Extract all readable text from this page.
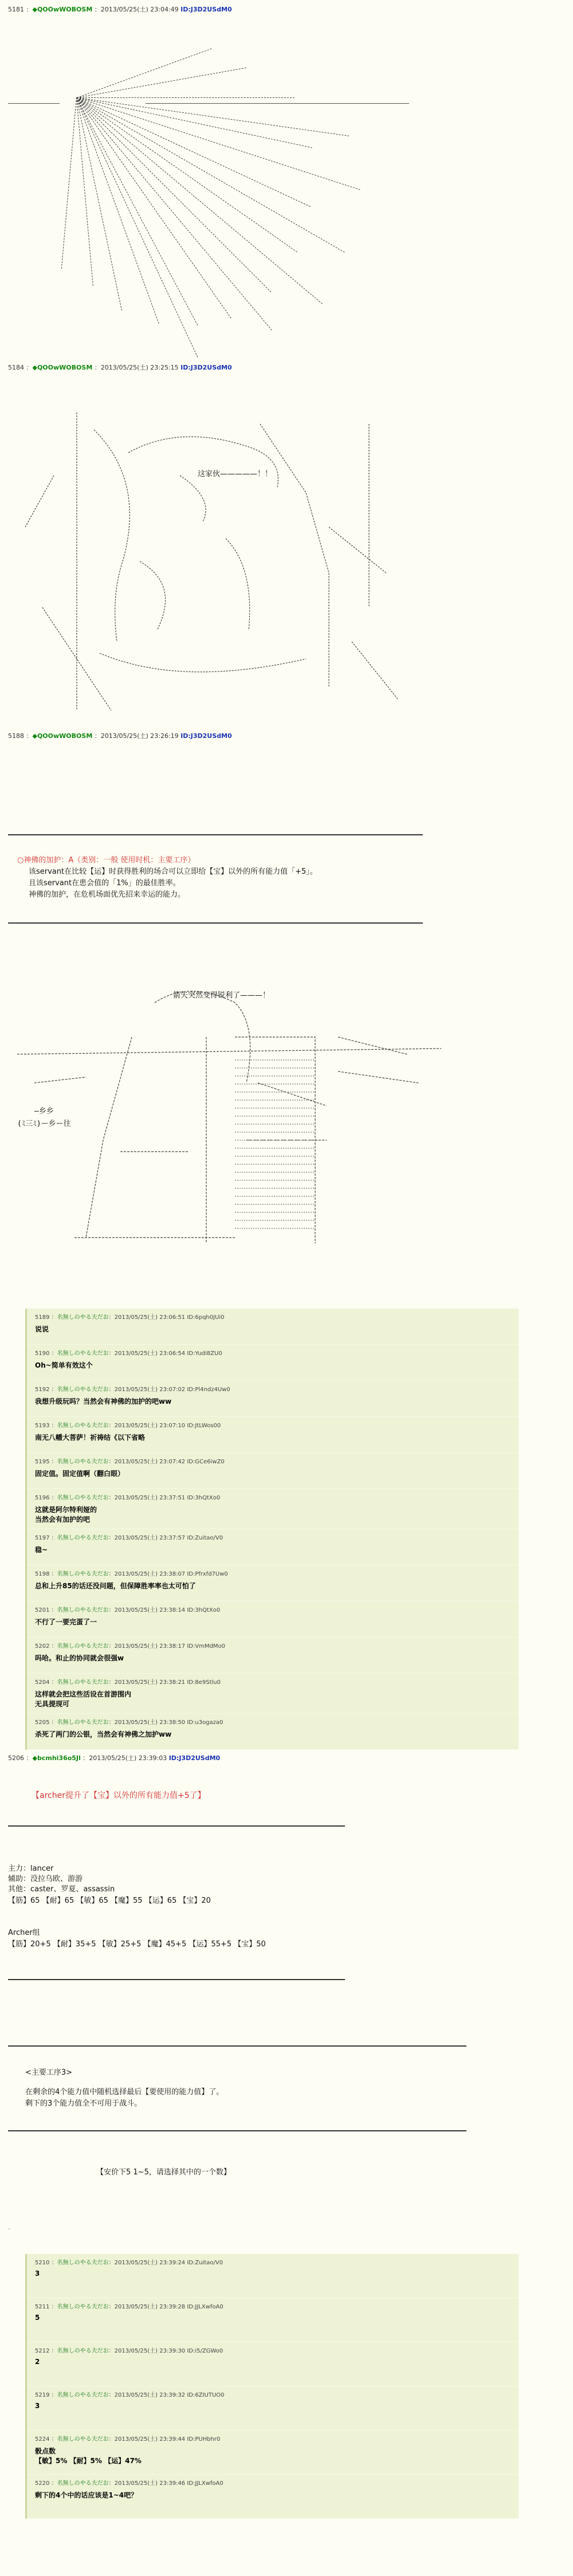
5181 ：◆QOOwWOBOSM ：2013/05/25(土) 23:04:49 ID:J3D2USdM0
5184 ：◆QOOwWOBOSM ：2013/05/25(土) 23:25:15 ID:J3D2USdM0
这家伙—————！！
5188 ：◆QOOwWOBOSM ：2013/05/25(土) 23:26:19 ID:J3D2USdM0
○神佛的加护：A（类别：一般 使用时机：主要工序）
该servant在比较【运】时获得胜利的场合可以立即给【宝】以外的所有能力值「+5」。
且该servant在患会值的「1%」的最佳胜率。
神佛的加护，在危机场面优先招来幸运的能力。
箭矢突然变得锐利了———！
―乡乡
(ﾐ三ﾐ)ー乡ー往
5189 ：名無しのやる夫だお：2013/05/25(土) 23:06:51 ID:6pqh0JUi0
说说
5190 ：名無しのやる夫だお：2013/05/25(土) 23:06:54 ID:Yudi8ZU0
Oh~简单有效这个
5192 ：名無しのやる夫だお：2013/05/25(土) 23:07:02 ID:Pl4ndz4Uw0
我想升级玩吗？当然会有神佛的加护的吧ww
5193 ：名無しのやる夫だお：2013/05/25(土) 23:07:10 ID:JtLWos00
南无八幡大菩萨！祈祷结《以下省略
5195 ：名無しのやる夫だお：2013/05/25(土) 23:07:42 ID:GCe6iwZ0
固定值。固定值啊（翻白眼）
5196 ：名無しのやる夫だお：2013/05/25(土) 23:37:51 ID:3hQtXo0
这就是阿尔特利娅的
当然会有加护的吧
5197 ：名無しのやる夫だお：2013/05/25(土) 23:37:57 ID:Zuitao/V0
稳~
5198 ：名無しのやる夫だお：2013/05/25(土) 23:38:07 ID:Pfrxfd7Uw0
总和上升85的话还没问题，但保障胜率率也太可怕了
5201 ：名無しのやる夫だお：2013/05/25(土) 23:38:14 ID:3hQtXo0
不行了一要完蛋了一
5202 ：名無しのやる夫だお：2013/05/25(土) 23:38:17 ID:VmMdMo0
吗哈。和止的协同就会很强w
5204 ：名無しのやる夫だお：2013/05/25(土) 23:38:21 ID:8e9Stlu0
这样就会把这些活设在首游围内
无具提现可
5205 ：名無しのやる夫だお：2013/05/25(土) 23:38:50 ID:u3ogaza0
杀死了两门的公银，当然会有神佛之加护ww
5206 ：◆bcmhi36o5Jl ：2013/05/25(土) 23:39:03 ID:J3D2USdM0
【archer提升了【宝】以外的所有能力值+5了】
主力：lancer
辅助：没拉乌欧、游游
其他：caster、罗夏、assassin
【筋】65 【耐】65 【敏】65 【魔】55 【运】65 【宝】20
Archer组
【筋】20+5 【耐】35+5 【敏】25+5 【魔】45+5 【运】55+5 【宝】50
<主要工序3>
在剩余的4个能力值中随机选择最后【要使用的能力值】了。
剩下的3个能力值全不可用于战斗。
【安价下5 1~5，请选择其中的一个数】
.
5210 ：名無しのやる夫だお：2013/05/25(土) 23:39:24 ID:Zuitao/V0
3
5211 ：名無しのやる夫だお：2013/05/25(土) 23:39:28 ID:JJLXwfoA0
5
5212 ：名無しのやる夫だお：2013/05/25(土) 23:39:30 ID:i5/ZGWo0
2
5219 ：名無しのやる夫だお：2013/05/25(土) 23:39:32 ID:6ZIUTUO0
3
5224 ：名無しのやる夫だお：2013/05/25(土) 23:39:44 ID:PUHbhr0
骰点数
【敏】5% 【耐】5% 【运】47%
5220 ：名無しのやる夫だお：2013/05/25(土) 23:39:46 ID:JJLXwfoA0
剩下的4个中的话应该是1~4吧？
